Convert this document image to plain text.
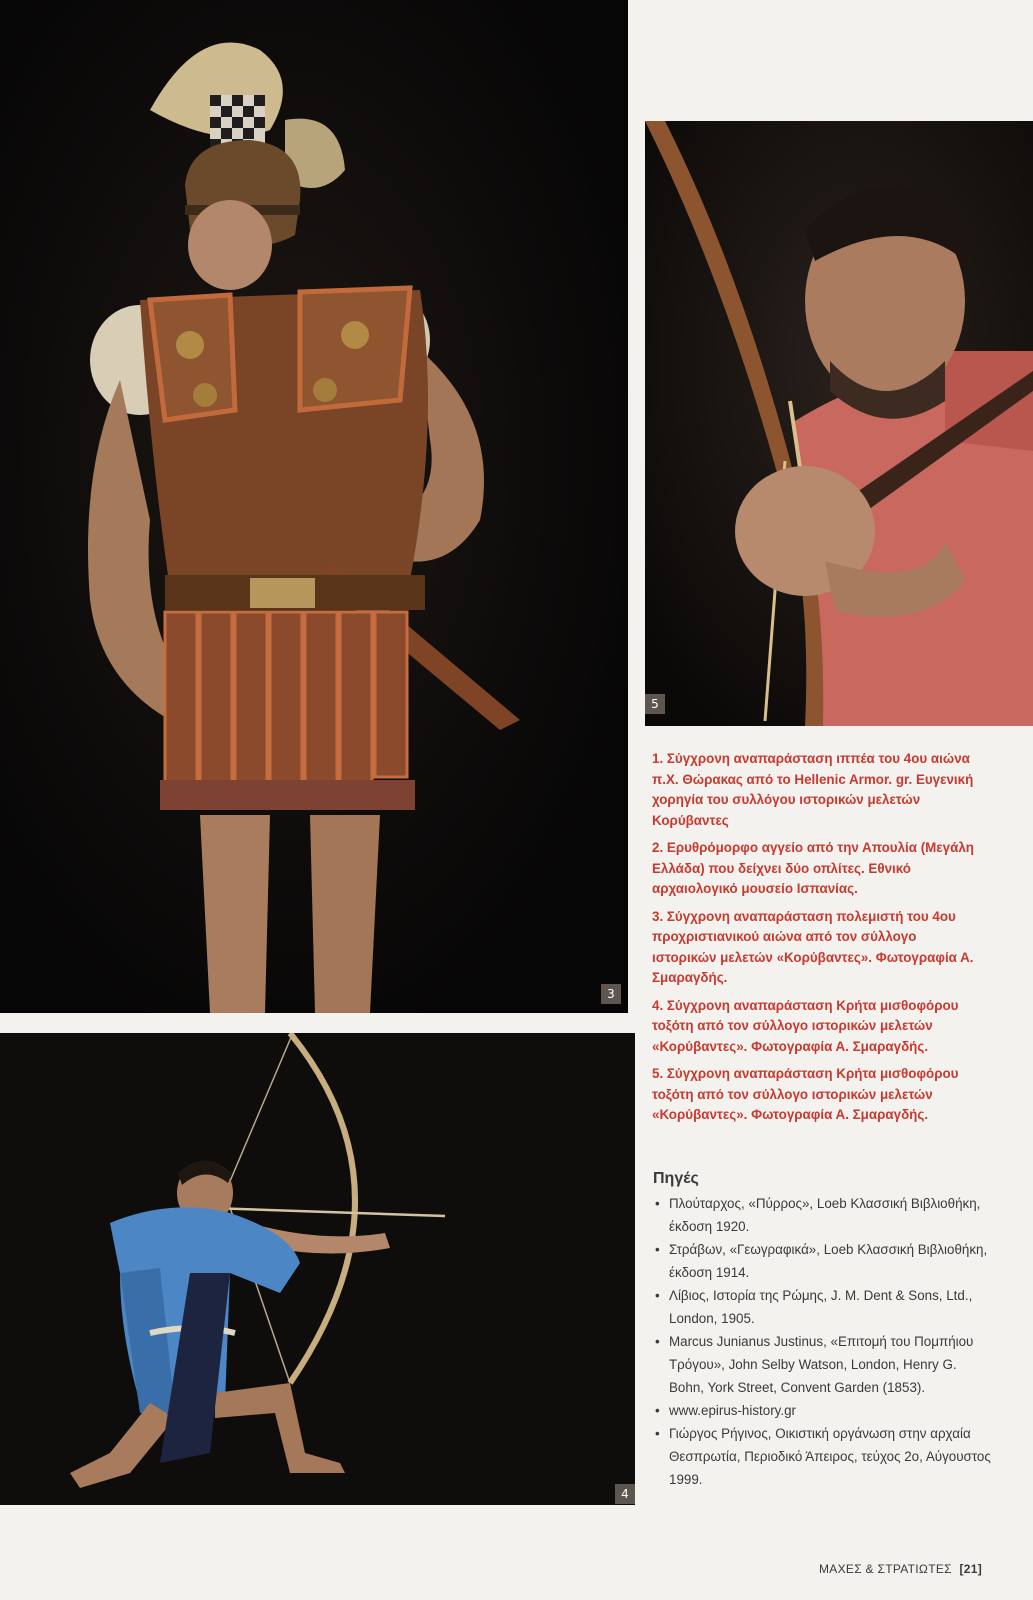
3
5
4

1. Σύγχρονη αναπαράσταση ιππέα του 4ου αιώνα π.Χ. Θώρακας από το Hellenic Armor. gr. Ευγενική χορηγία του συλλόγου ιστορικών μελετών Κορύβαντες

2. Ερυθρόμορφο αγγείο από την Απουλία (Μεγάλη Ελλάδα) που δείχνει δύο οπλίτες. Εθνικό αρχαιολογικό μουσείο Ισπανίας.

3. Σύγχρονη αναπαράσταση πολεμιστή του 4ου προχριστιανικού αιώνα από τον σύλλογο ιστορικών μελετών «Κορύβαντες». Φωτογραφία Α. Σμαραγδής.

4. Σύγχρονη αναπαράσταση Κρήτα μισθοφόρου τοξότη από τον σύλλογο ιστορικών μελετών «Κορύβαντες». Φωτογραφία Α. Σμαραγδής.

5. Σύγχρονη αναπαράσταση Κρήτα μισθοφόρου τοξότη από τον σύλλογο ιστορικών μελετών «Κορύβαντες». Φωτογραφία Α. Σμαραγδής.

Πηγές
• Πλούταρχος, «Πύρρος», Loeb Κλασσική Βιβλιοθήκη, έκδοση 1920.
• Στράβων, «Γεωγραφικά», Loeb Κλασσική Βιβλιοθήκη, έκδοση 1914.
• Λίβιος, Ιστορία της Ρώμης, J. M. Dent & Sons, Ltd., London, 1905.
• Marcus Junianus Justinus, «Επιτομή του Πομπήιου Τρόγου», John Selby Watson, London, Henry G. Bohn, York Street, Convent Garden (1853).
• www.epirus-history.gr
• Γιώργος Ρήγινος, Οικιστική οργάνωση στην αρχαία Θεσπρωτία, Περιοδικό Άπειρος, τεύχος 2ο, Αύγουστος 1999.
ΜΑΧΕΣ & ΣΤΡΑΤΙΩΤΕΣ [21]
